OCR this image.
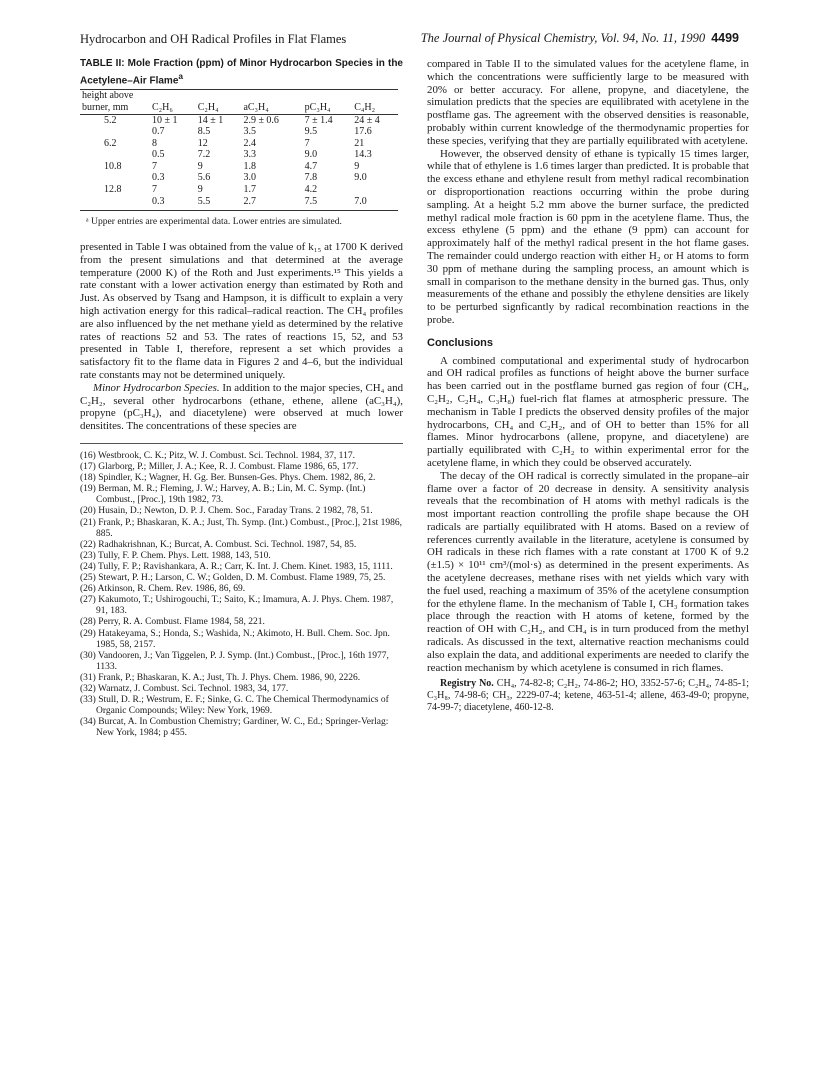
Hydrocarbon and OH Radical Profiles in Flat Flames	The Journal of Physical Chemistry, Vol. 94, No. 11, 1990 4499

TABLE II: Mole Fraction (ppm) of Minor Hydrocarbon Species in the Acetylene–Air Flame$^a$

height above					
burner, mm	C₂H₆	C₂H₄	aC₃H₄	pC₃H₄	C₄H₂
5.2	10 ± 1	14 ± 1	2.9 ± 0.6	7 ± 1.4	24 ± 4
	0.7	8.5	3.5	9.5	17.6
6.2	8	12	2.4	7	21
	0.5	7.2	3.3	9.0	14.3
10.8	7	9	1.8	4.7	9
	0.3	5.6	3.0	7.8	9.0
12.8	7	9	1.7	4.2	
	0.3	5.5	2.7	7.5	7.0

ᵃ Upper entries are experimental data. Lower entries are simulated.

presented in Table I was obtained from the value of k₁₅ at 1700 K derived from the present simulations and that determined at the average temperature (2000 K) of the Roth and Just experiments.¹⁵ This yields a rate constant with a lower activation energy than estimated by Roth and Just. As observed by Tsang and Hampson, it is difficult to explain a very high activation energy for this radical–radical reaction. The CH₄ profiles are also influenced by the net methane yield as determined by the relative rates of reactions 52 and 53. The rates of reactions 15, 52, and 53 presented in Table I, therefore, represent a set which provides a satisfactory fit to the flame data in Figures 2 and 4–6, but the individual rate constants may not be determined uniquely.

Minor Hydrocarbon Species. In addition to the major species, CH₄ and C₂H₂, several other hydrocarbons (ethane, ethene, allene (aC₃H₄), propyne (pC₃H₄), and diacetylene) were observed at much lower densitites. The concentrations of these species are

(16) Westbrook, C. K.; Pitz, W. J. Combust. Sci. Technol. 1984, 37, 117.

(17) Glarborg, P.; Miller, J. A.; Kee, R. J. Combust. Flame 1986, 65, 177.

(18) Spindler, K.; Wagner, H. Gg. Ber. Bunsen-Ges. Phys. Chem. 1982, 86, 2.

(19) Berman, M. R.; Fleming, J. W.; Harvey, A. B.; Lin, M. C. Symp. (Int.) Combust., [Proc.], 19th 1982, 73.

(20) Husain, D.; Newton, D. P. J. Chem. Soc., Faraday Trans. 2 1982, 78, 51.

(21) Frank, P.; Bhaskaran, K. A.; Just, Th. Symp. (Int.) Combust., [Proc.], 21st 1986, 885.

(22) Radhakrishnan, K.; Burcat, A. Combust. Sci. Technol. 1987, 54, 85.

(23) Tully, F. P. Chem. Phys. Lett. 1988, 143, 510.

(24) Tully, F. P.; Ravishankara, A. R.; Carr, K. Int. J. Chem. Kinet. 1983, 15, 1111.

(25) Stewart, P. H.; Larson, C. W.; Golden, D. M. Combust. Flame 1989, 75, 25.

(26) Atkinson, R. Chem. Rev. 1986, 86, 69.

(27) Kakumoto, T.; Ushirogouchi, T.; Saito, K.; Imamura, A. J. Phys. Chem. 1987, 91, 183.

(28) Perry, R. A. Combust. Flame 1984, 58, 221.

(29) Hatakeyama, S.; Honda, S.; Washida, N.; Akimoto, H. Bull. Chem. Soc. Jpn. 1985, 58, 2157.

(30) Vandooren, J.; Van Tiggelen, P. J. Symp. (Int.) Combust., [Proc.], 16th 1977, 1133.

(31) Frank, P.; Bhaskaran, K. A.; Just, Th. J. Phys. Chem. 1986, 90, 2226.

(32) Warnatz, J. Combust. Sci. Technol. 1983, 34, 177.

(33) Stull, D. R.; Westrum, E. F.; Sinke, G. C. The Chemical Thermodynamics of Organic Compounds; Wiley: New York, 1969.

(34) Burcat, A. In Combustion Chemistry; Gardiner, W. C., Ed.; Springer-Verlag: New York, 1984; p 455.

compared in Table II to the simulated values for the acetylene flame, in which the concentrations were sufficiently large to be measured with 20% or better accuracy. For allene, propyne, and diacetylene, the simulation predicts that the species are equilibrated with acetylene in the postflame gas. The agreement with the observed densities is reasonable, probably within current knowledge of the thermodynamic properties for these species, verifying that they are partially equilibrated with acetylene.

However, the observed density of ethane is typically 15 times larger, while that of ethylene is 1.6 times larger than predicted. It is probable that the excess ethane and ethylene result from methyl radical recombination or disproportionation reactions occurring within the probe during sampling. At a height 5.2 mm above the burner surface, the predicted methyl radical mole fraction is 60 ppm in the acetylene flame. Thus, the excess ethylene (5 ppm) and the ethane (9 ppm) can account for approximately half of the methyl radical present in the hot flame gases. The remainder could undergo reaction with either H₂ or H atoms to form 30 ppm of methane during the sampling process, an amount which is small in comparison to the methane density in the burned gas. Thus, only measurements of the ethane and possibly the ethylene densities are likely to be perturbed signficantly by radical recombination reactions in the probe.

Conclusions

A combined computational and experimental study of hydrocarbon and OH radical profiles as functions of height above the burner surface has been carried out in the postflame burned gas region of four (CH₄, C₂H₂, C₂H₄, C₃H₈) fuel-rich flat flames at atmospheric pressure. The mechanism in Table I predicts the observed density profiles of the major hydrocarbons, CH₄ and C₂H₂, and of OH to better than 15% for all flames. Minor hydrocarbons (allene, propyne, and diacetylene) are partially equilibrated with C₂H₂ to within experimental error for the acetylene flame, in which they could be observed accurately.

The decay of the OH radical is correctly simulated in the propane–air flame over a factor of 20 decrease in density. A sensitivity analysis reveals that the recombination of H atoms with methyl radicals is the most important reaction controlling the profile shape because the OH radicals are partially equilibrated with H atoms. Based on a review of references currently available in the literature, acetylene is consumed by OH radicals in these rich flames with a rate constant at 1700 K of 9.2 (±1.5) × 10¹¹ cm³/(mol·s) as determined in the present experiments. As the acetylene decreases, methane rises with net yields which vary with the fuel used, reaching a maximum of 35% of the acetylene consumption for the ethylene flame. In the mechanism of Table I, CH₃ formation takes place through the reaction with H atoms of ketene, formed by the reaction of OH with C₂H₂, and CH₄ is in turn produced from the methyl radicals. As discussed in the text, alternative reaction mechanisms could also explain the data, and additional experiments are needed to clarify the reaction mechanism by which acetylene is consumed in rich flames.

Registry No. CH₄, 74-82-8; C₂H₂, 74-86-2; HO, 3352-57-6; C₂H₄, 74-85-1; C₃H₈, 74-98-6; CH₃, 2229-07-4; ketene, 463-51-4; allene, 463-49-0; propyne, 74-99-7; diacetylene, 460-12-8.
